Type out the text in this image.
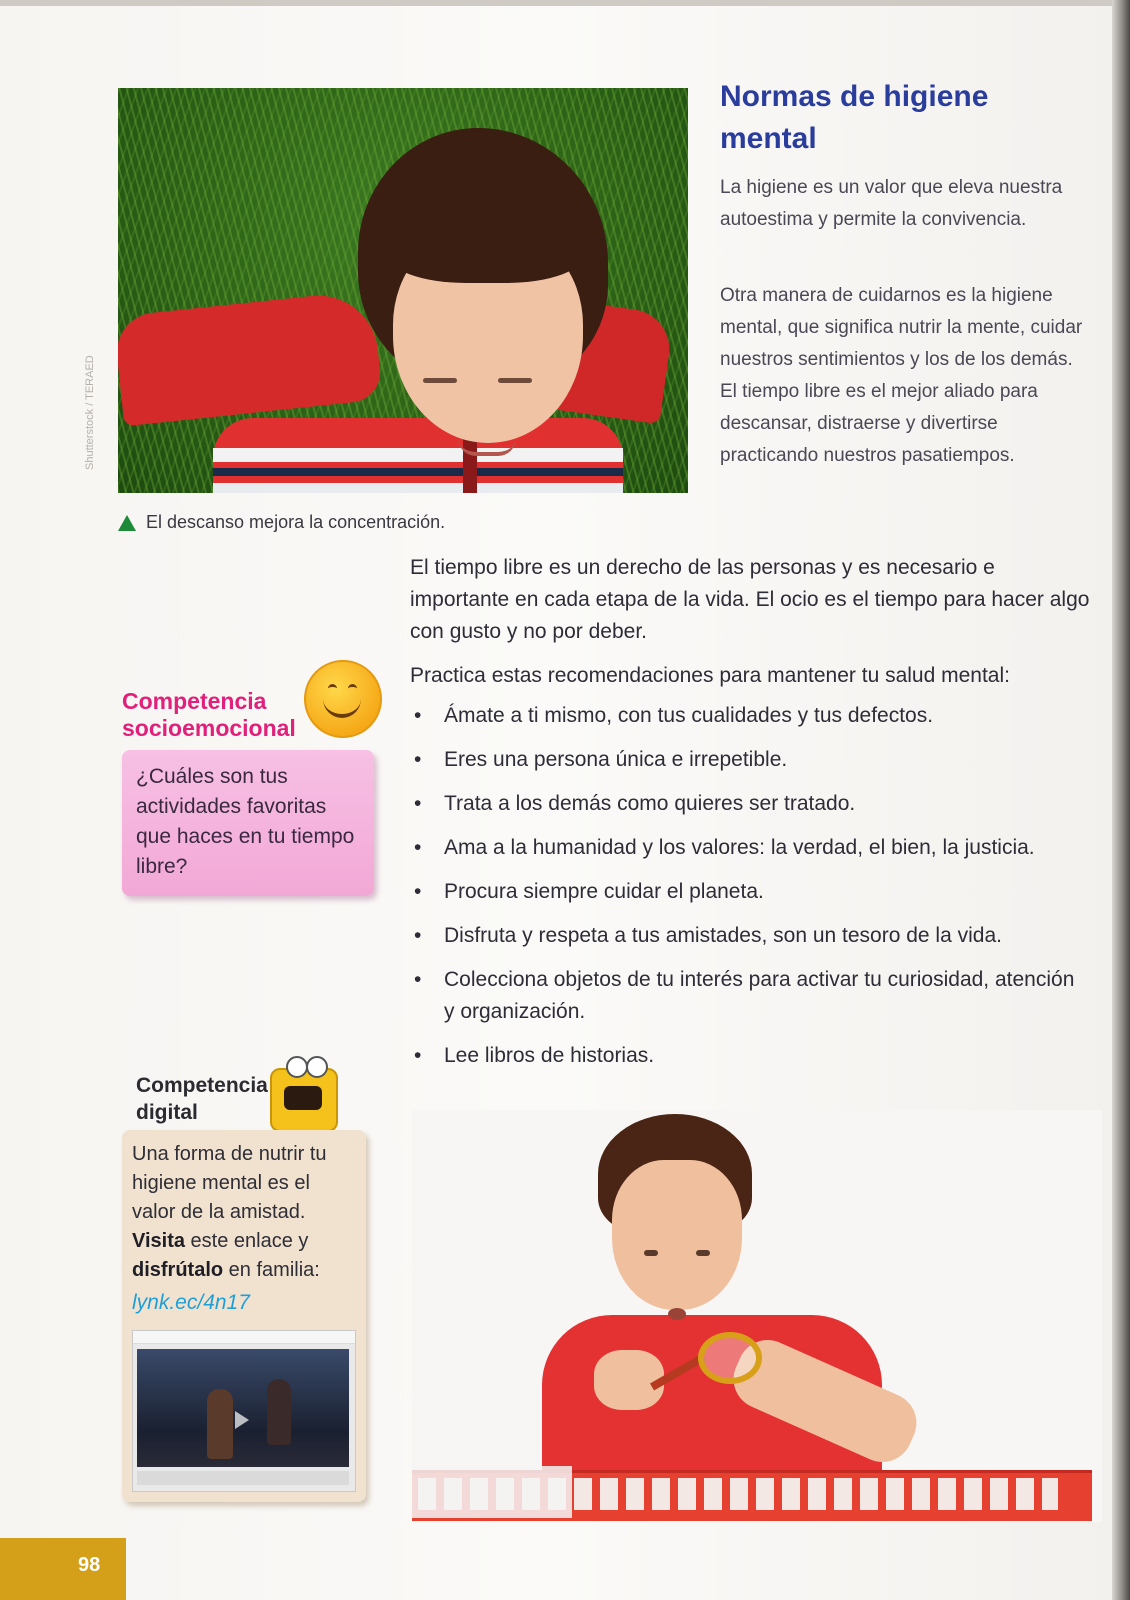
Shutterstock / TERAED
El descanso mejora la concentración.
Normas de higiene mental

La higiene es un valor que eleva nuestra autoestima y permite la convivencia.

Otra manera de cuidarnos es la higiene mental, que significa nutrir la mente, cuidar nuestros sentimientos y los de los demás. El tiempo libre es el mejor aliado para descansar, distraerse y divertirse practicando nuestros pasatiempos.

El tiempo libre es un derecho de las personas y es necesario e importante en cada etapa de la vida. El ocio es el tiempo para hacer algo con gusto y no por deber.

Practica estas recomendaciones para mantener tu salud mental:

• Ámate a ti mismo, con tus cualidades y tus defectos.
• Eres una persona única e irrepetible.
• Trata a los demás como quieres ser tratado.
• Ama a la humanidad y los valores: la verdad, el bien, la justicia.
• Procura siempre cuidar el planeta.
• Disfruta y respeta a tus amistades, son un tesoro de la vida.
• Colecciona objetos de tu interés para activar tu curiosidad, atención y organización.
• Lee libros de historias.
Competencia socioemocional

¿Cuáles son tus actividades favoritas que haces en tu tiempo libre?

Competencia digital
Una forma de nutrir tu higiene mental es el valor de la amistad. Visita este enlace y disfrútalo en familia:
lynk.ec/4n17
98
